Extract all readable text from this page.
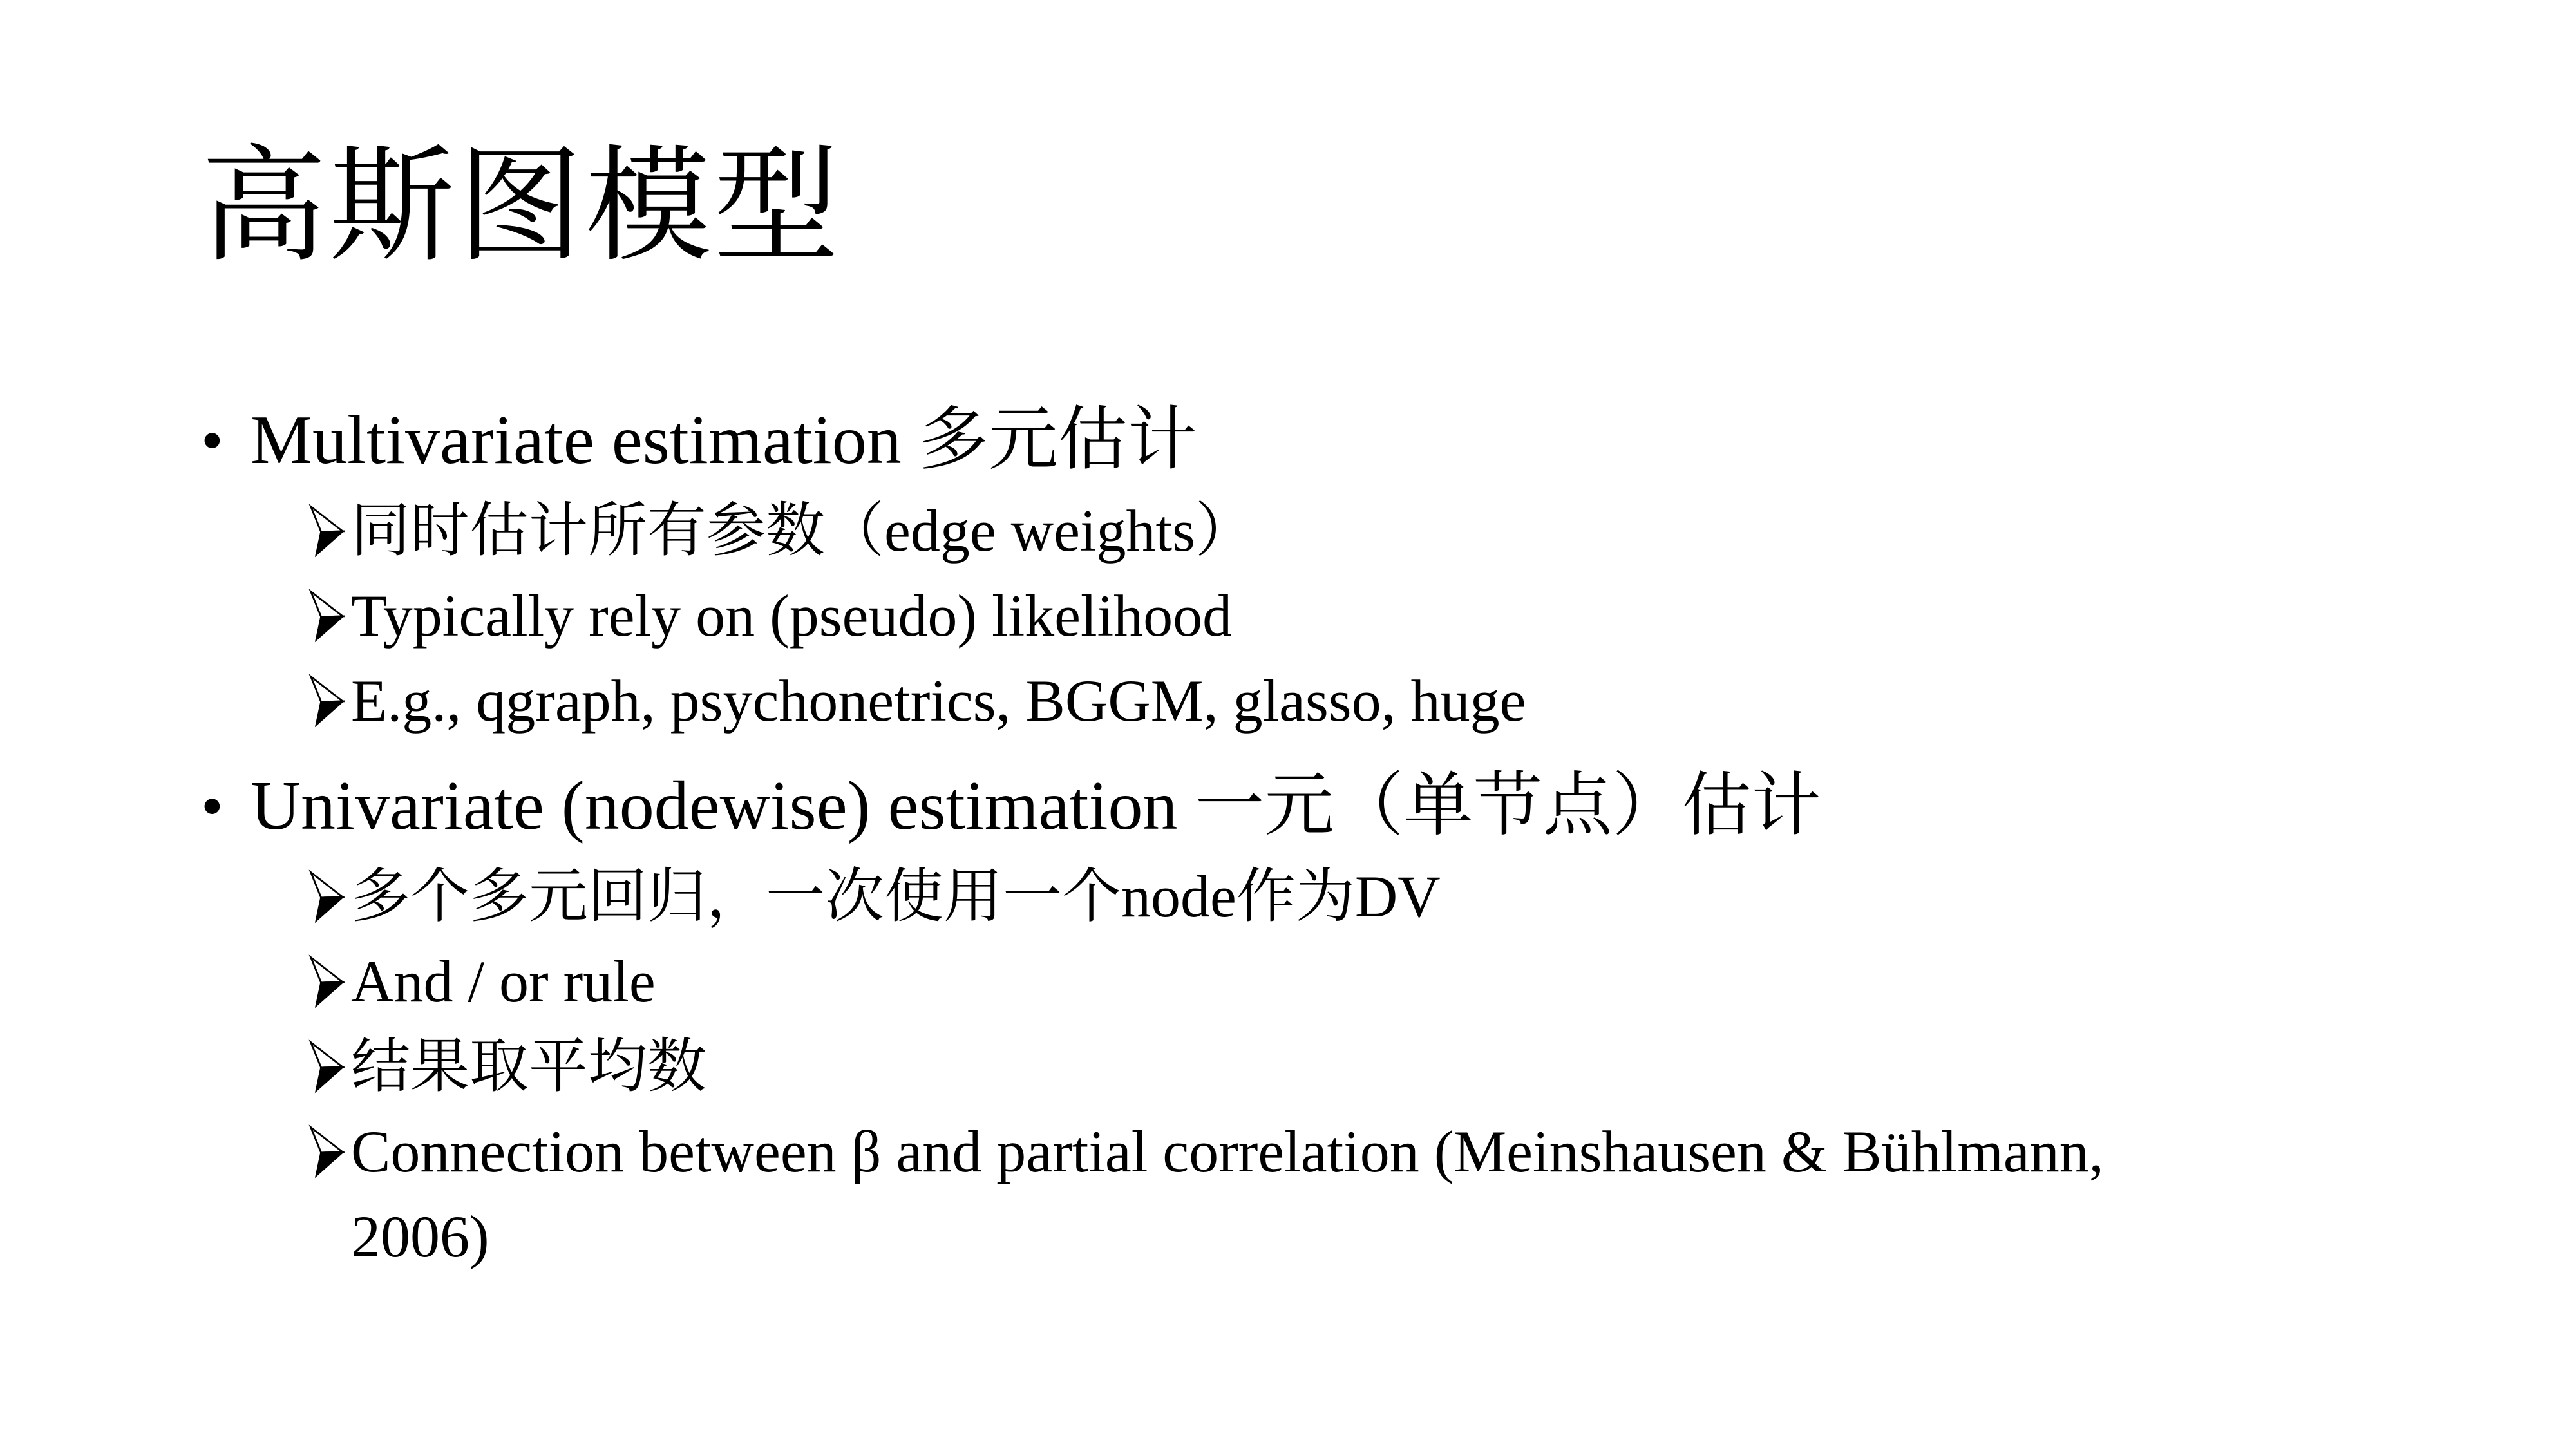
高斯图模型
• Multivariate estimation 多元估计
同时估计所有参数（edge weights）
Typically rely on (pseudo) likelihood
E.g., qgraph, psychonetrics, BGGM, glasso, huge
• Univariate (nodewise) estimation 一元（单节点）估计
多个多元回归，一次使用一个node作为DV
And / or rule
结果取平均数
Connection between β and partial correlation (Meinshausen & Bühlmann,
2006)
